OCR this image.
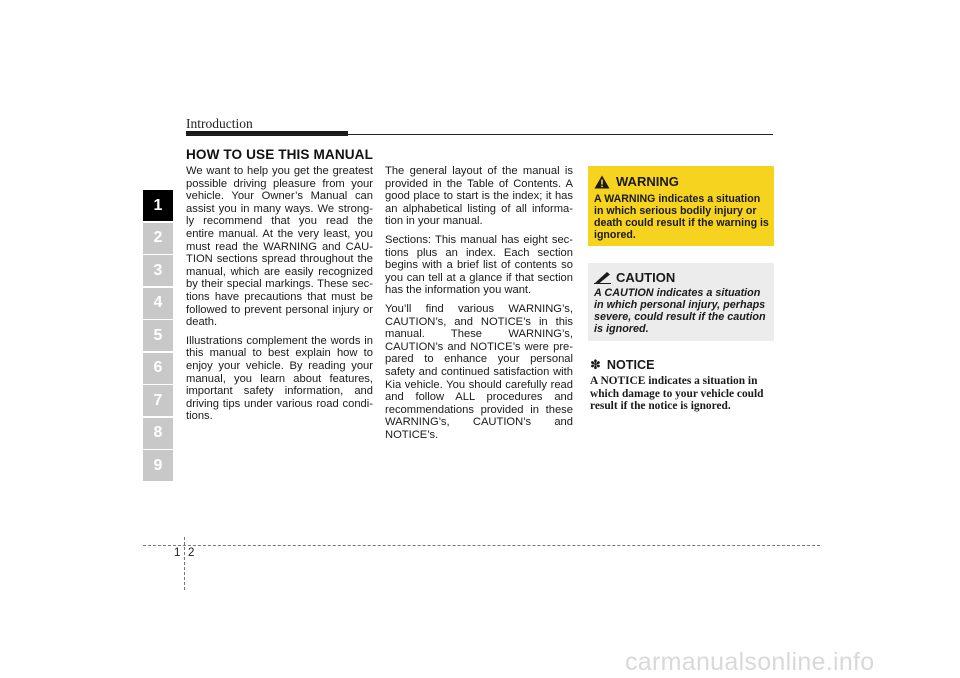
Introduction
1
2
3
4
5
6
7
8
9
HOW TO USE THIS MANUAL

We want to help you get the greatest possible driving pleasure from your vehicle. Your Owner’s Manual can assist you in many ways. We strong- ly recommend that you read the entire manual. At the very least, you must read the WARNING and CAU- TION sections spread throughout the manual, which are easily recognized by their special markings. These sec- tions have precautions that must be followed to prevent personal injury or death.

Illustrations complement the words in this manual to best explain how to enjoy your vehicle. By reading your manual, you learn about features, important safety information, and driving tips under various road condi- tions.

The general layout of the manual is provided in the Table of Contents. A good place to start is the index; it has an alphabetical listing of all informa- tion in your manual.

Sections: This manual has eight sec- tions plus an index. Each section begins with a brief list of contents so you can tell at a glance if that section has the information you want.

You’ll find various WARNING’s, CAUTION’s, and NOTICE’s in this manual. These WARNING’s, CAUTION’s and NOTICE’s were pre- pared to enhance your personal safety and continued satisfaction with Kia vehicle. You should carefully read and follow ALL procedures and recommendations provided in these WARNING’s, CAUTION’s and NOTICE’s.

WARNING
A WARNING indicates a situation in which serious bodily injury or death could result if the warning is ignored.
CAUTION
A CAUTION indicates a situation in which personal injury, perhaps severe, could result if the caution is ignored.
✽ NOTICE
A NOTICE indicates a situation in which damage to your vehicle could result if the notice is ignored.
1 2
carmanualsonline.info
